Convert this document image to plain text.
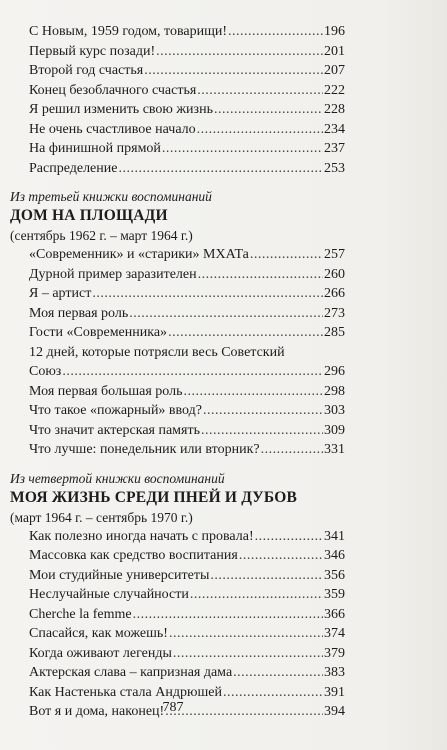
С Новым, 1959 годом, товарищи! .....	196
Первый курс позади! .....	201
Второй год счастья .....	207
Конец безоблачного счастья .....	222
Я решил изменить свою жизнь .....	228
Не очень счастливое начало .....	234
На финишной прямой .....	237
Распределение .....	253
Из третьей книжки воспоминаний
ДОМ НА ПЛОЩАДИ
(сентябрь 1962 г. – март 1964 г.)
«Современник» и «старики» МХАТа .....	257
Дурной пример заразителен .....	260
Я – артист .....	266
Моя первая роль .....	273
Гости «Современника» .....	285
12 дней, которые потрясли весь Советский
Союз .....	296
Моя первая большая роль .....	298
Что такое «пожарный» ввод? .....	303
Что значит актерская память .....	309
Что лучше: понедельник или вторник? .....	331
Из четвертой книжки воспоминаний
МОЯ ЖИЗНЬ СРЕДИ ПНЕЙ И ДУБОВ
(март 1964 г. – сентябрь 1970 г.)
Как полезно иногда начать с провала! .....	341
Массовка как средство воспитания .....	346
Мои студийные университеты .....	356
Неслучайные случайности .....	359
Cherche la femme .....	366
Спасайся, как можешь! .....	374
Когда оживают легенды .....	379
Актерская слава – капризная дама .....	383
Как Настенька стала Андрюшей .....	391
Вот я и дома, наконец! .....	394
787
